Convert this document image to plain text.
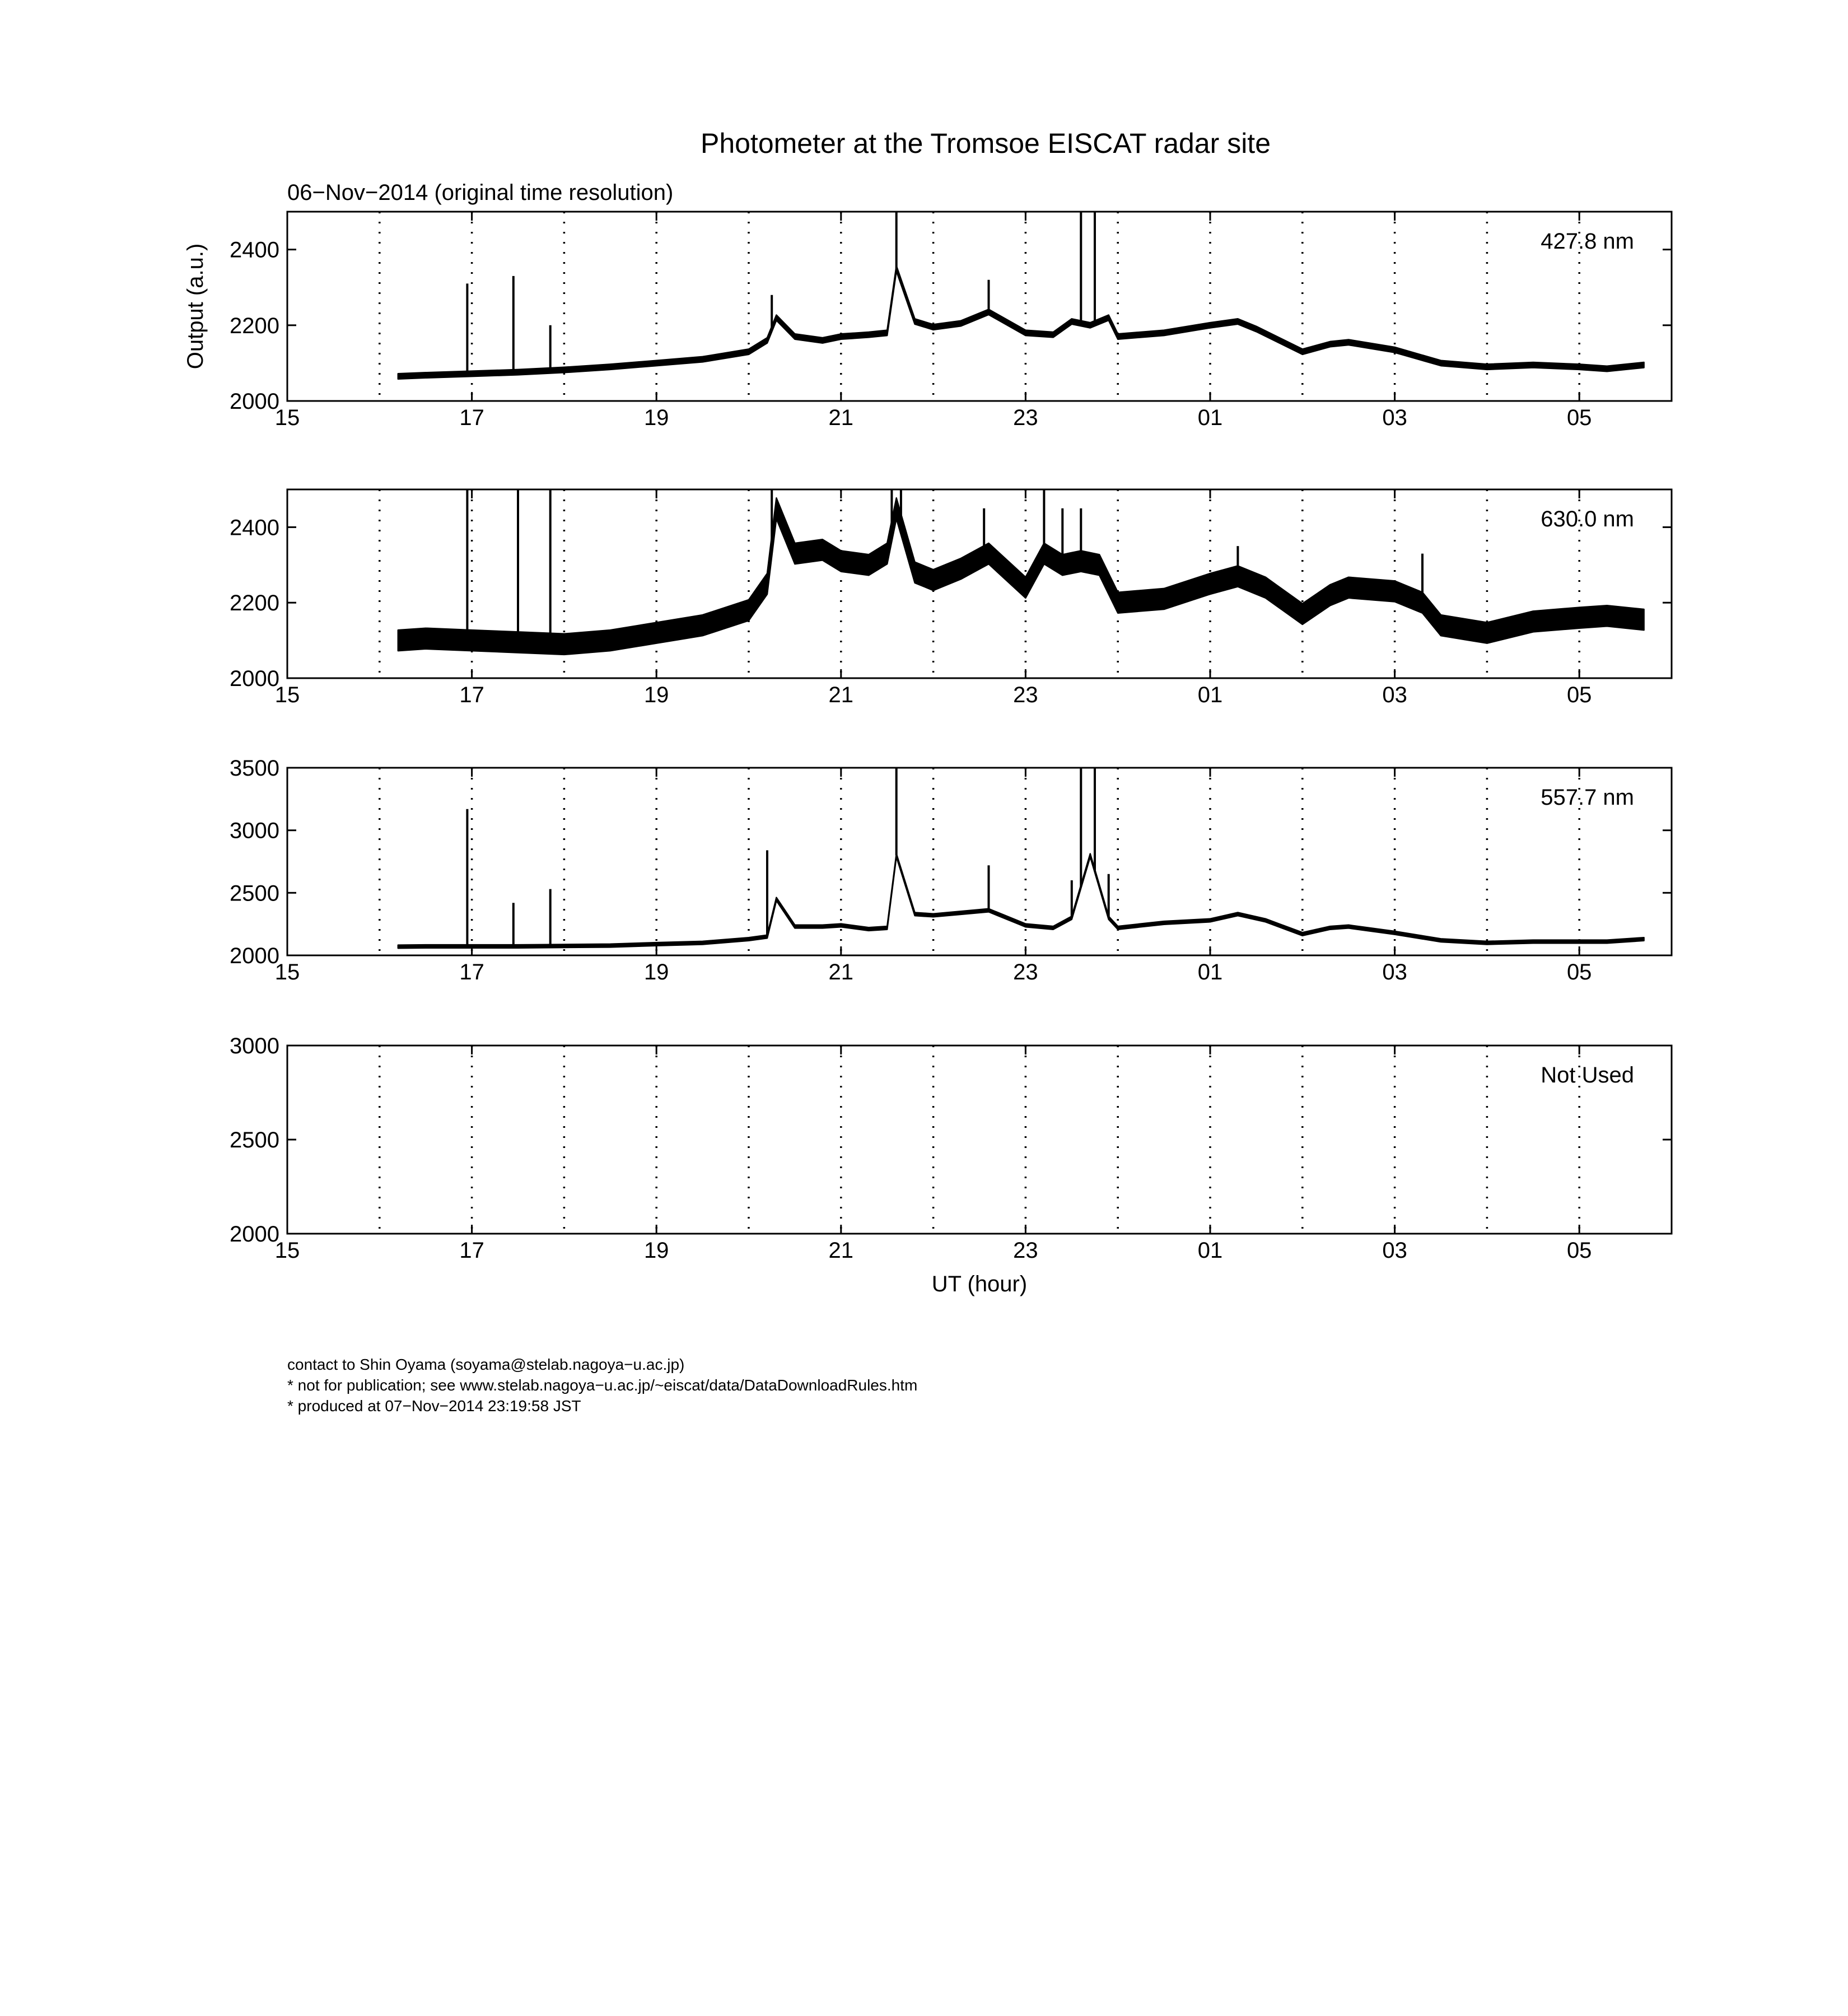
Photometer at the Tromsoe EISCAT radar site
06−Nov−2014 (original time resolution)
15	17	19	21	23	01	03	05
2000
2200
2400	427.8 nm
Output (a.u.)
15	17	19	21	23	01	03	05
2000
2200
2400	630.0 nm
15	17	19	21	23	01	03	05
2000
2500
3000
3500
557.7 nm
15	17	19	21	23	01	03	05
2000
2500
3000
Not Used
UT (hour)
contact to Shin Oyama (soyama@stelab.nagoya−u.ac.jp)
* not for publication; see www.stelab.nagoya−u.ac.jp/~eiscat/data/DataDownloadRules.htm
* produced at 07−Nov−2014 23:19:58 JST
